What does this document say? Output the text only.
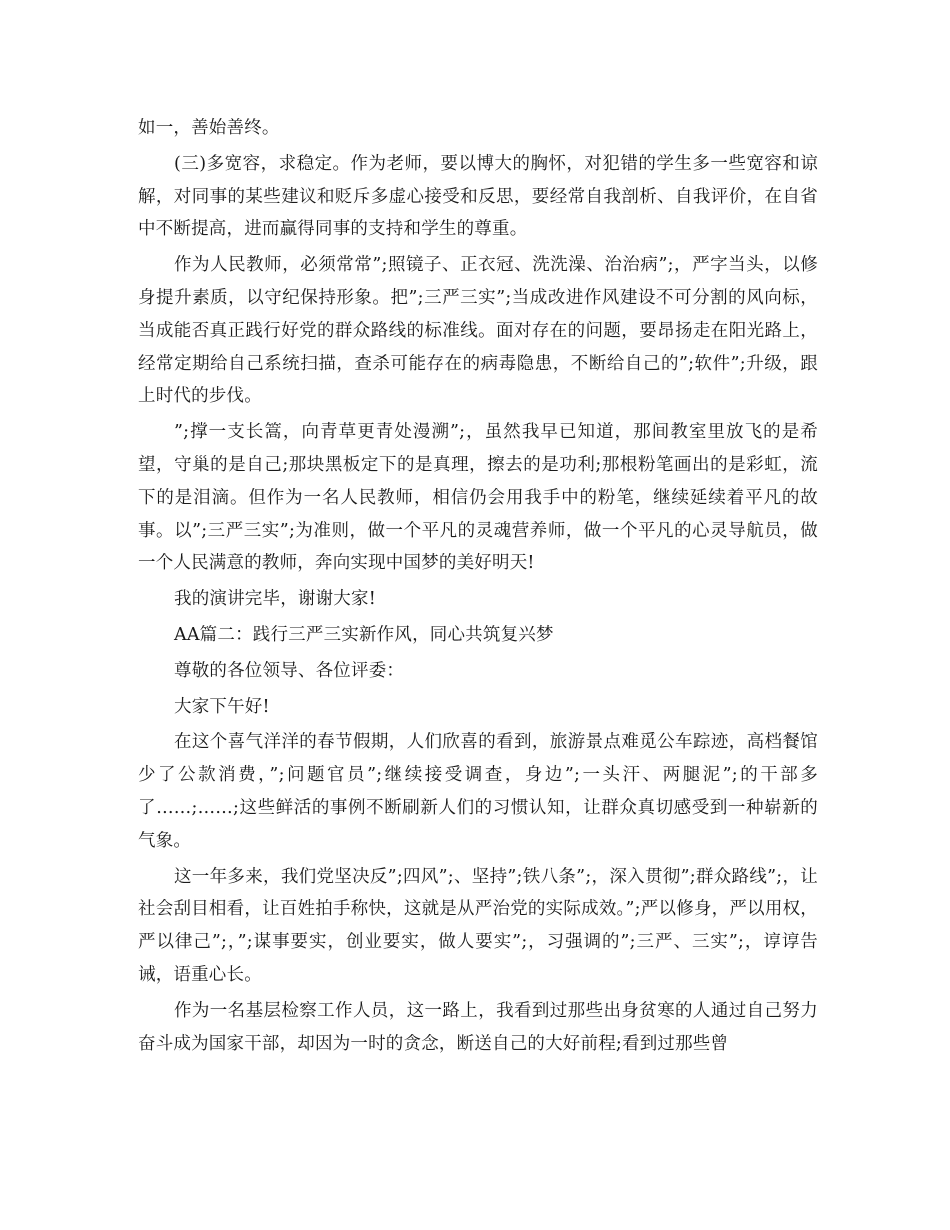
如一，善始善终。

(三)多宽容，求稳定。作为老师，要以博大的胸怀，对犯错的学生多一些宽容和谅解，对同事的某些建议和贬斥多虚心接受和反思，要经常自我剖析、自我评价，在自省中不断提高，进而赢得同事的支持和学生的尊重。

作为人民教师，必须常常”;照镜子、正衣冠、洗洗澡、治治病”;，严字当头，以修身提升素质，以守纪保持形象。把”;三严三实”;当成改进作风建设不可分割的风向标，当成能否真正践行好党的群众路线的标准线。面对存在的问题，要昂扬走在阳光路上，经常定期给自己系统扫描，查杀可能存在的病毒隐患，不断给自己的”;软件”;升级，跟上时代的步伐。

”;撑一支长篙，向青草更青处漫溯”;，虽然我早已知道，那间教室里放飞的是希望，守巢的是自己;那块黑板定下的是真理，擦去的是功利;那根粉笔画出的是彩虹，流下的是泪滴。但作为一名人民教师，相信仍会用我手中的粉笔，继续延续着平凡的故事。以”;三严三实”;为准则，做一个平凡的灵魂营养师，做一个平凡的心灵导航员，做一个人民满意的教师，奔向实现中国梦的美好明天!

我的演讲完毕，谢谢大家!

AA篇二：践行三严三实新作风，同心共筑复兴梦

尊敬的各位领导、各位评委：

大家下午好!

在这个喜气洋洋的春节假期，人们欣喜的看到，旅游景点难觅公车踪迹，高档餐馆少了公款消费，”;问题官员”;继续接受调查，身边”;一头汗、两腿泥”;的干部多了……;……;这些鲜活的事例不断刷新人们的习惯认知，让群众真切感受到一种崭新的气象。

这一年多来，我们党坚决反”;四风”;、坚持”;铁八条”;，深入贯彻”;群众路线”;，让社会刮目相看，让百姓拍手称快，这就是从严治党的实际成效。”;严以修身，严以用权，严以律己”;，”;谋事要实，创业要实，做人要实”;，习强调的”;三严、三实”;，谆谆告诫，语重心长。

作为一名基层检察工作人员，这一路上，我看到过那些出身贫寒的人通过自己努力奋斗成为国家干部，却因为一时的贪念，断送自己的大好前程;看到过那些曾
